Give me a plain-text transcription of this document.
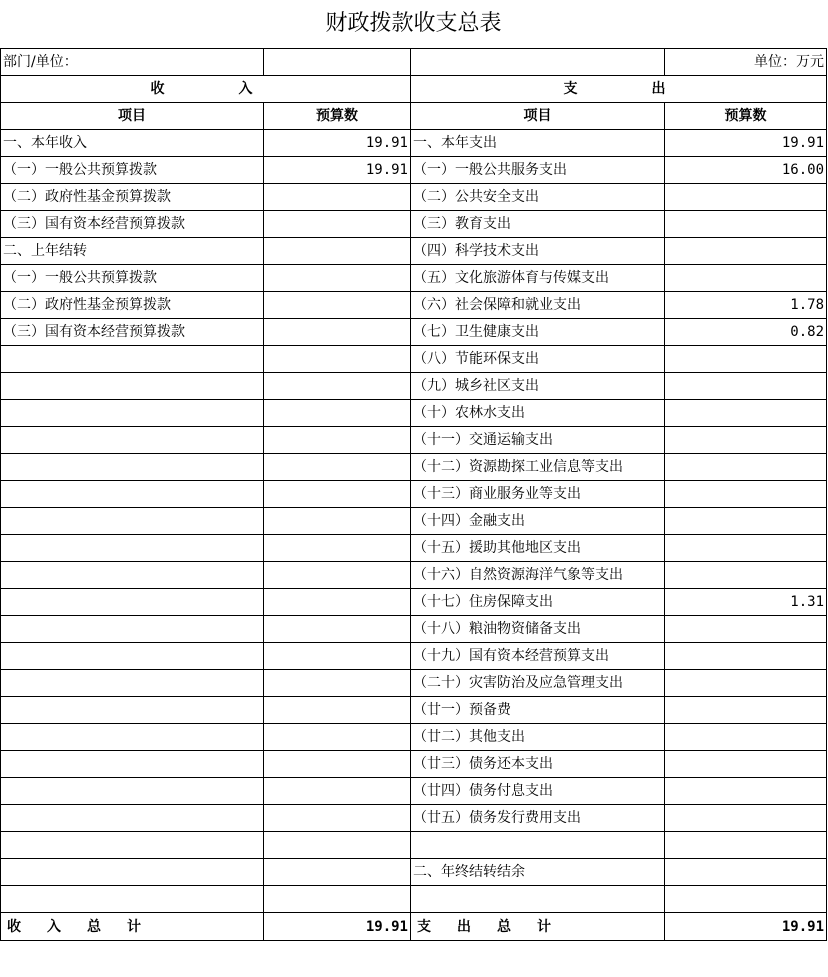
财政拨款收支总表			
部门/单位：			单位：万元
收　　　入		支　　　出	
项目	预算数	项目	预算数
一、本年收入	19.91	一、本年支出	19.91
（一）一般公共预算拨款	19.91	（一）一般公共服务支出	16.00
（二）政府性基金预算拨款		（二）公共安全支出	
（三）国有资本经营预算拨款		（三）教育支出	
二、上年结转		（四）科学技术支出	
（一）一般公共预算拨款		（五）文化旅游体育与传媒支出	
（二）政府性基金预算拨款		（六）社会保障和就业支出	1.78
（三）国有资本经营预算拨款		（七）卫生健康支出	0.82
		（八）节能环保支出	
		（九）城乡社区支出	
		（十）农林水支出	
		（十一）交通运输支出	
		（十二）资源勘探工业信息等支出	
		（十三）商业服务业等支出	
		（十四）金融支出	
		（十五）援助其他地区支出	
		（十六）自然资源海洋气象等支出	
		（十七）住房保障支出	1.31
		（十八）粮油物资储备支出	
		（十九）国有资本经营预算支出	
		（二十）灾害防治及应急管理支出	
		（廿一）预备费	
		（廿二）其他支出	
		（廿三）债务还本支出	
		（廿四）债务付息支出	
		（廿五）债务发行费用支出	

		二、年终结转结余	

收入总计	19.91	支出总计	19.91
